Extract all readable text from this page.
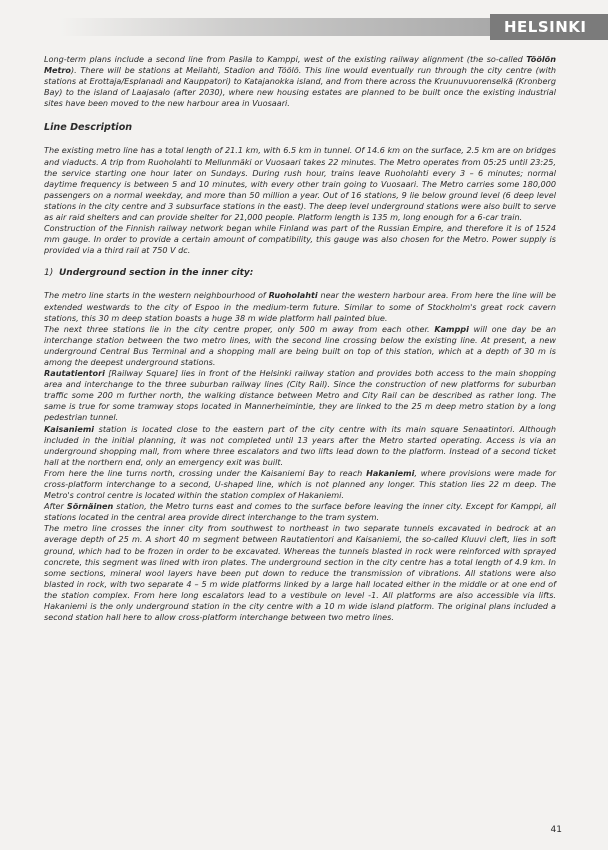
HELSINKI

Long-term plans include a second line from Pasila to Kamppi, west of the existing railway alignment (the so-called Töölön Metro). There will be stations at Meilahti, Stadion and Töölö. This line would eventually run through the city centre (with stations at Erottaja/Esplanadi and Kauppatori) to Katajanokka island, and from there across the Kruunuvuorenselkä (Kronberg Bay) to the island of Laajasalo (after 2030), where new housing estates are planned to be built once the existing industrial sites have been moved to the new harbour area in Vuosaari.

Line Description

The existing metro line has a total length of 21.1 km, with 6.5 km in tunnel. Of 14.6 km on the surface, 2.5 km are on bridges and viaducts. A trip from Ruoholahti to Mellunmäki or Vuosaari takes 22 minutes. The Metro operates from 05:25 until 23:25, the service starting one hour later on Sundays. During rush hour, trains leave Ruoholahti every 3 – 6 minutes; normal daytime frequency is between 5 and 10 minutes, with every other train going to Vuosaari. The Metro carries some 180,000 passengers on a normal weekday, and more than 50 million a year. Out of 16 stations, 9 lie below ground level (6 deep level stations in the city centre and 3 subsurface stations in the east). The deep level underground stations were also built to serve as air raid shelters and can provide shelter for 21,000 people. Platform length is 135 m, long enough for a 6-car train.

Construction of the Finnish railway network began while Finland was part of the Russian Empire, and therefore it is of 1524 mm gauge. In order to provide a certain amount of compatibility, this gauge was also chosen for the Metro. Power supply is provided via a third rail at 750 V dc.

1) Underground section in the inner city:

The metro line starts in the western neighbourhood of Ruoholahti near the western harbour area. From here the line will be extended westwards to the city of Espoo in the medium-term future. Similar to some of Stockholm's great rock cavern stations, this 30 m deep station boasts a huge 38 m wide platform hall painted blue.

The next three stations lie in the city centre proper, only 500 m away from each other. Kamppi will one day be an interchange station between the two metro lines, with the second line crossing below the existing line. At present, a new underground Central Bus Terminal and a shopping mall are being built on top of this station, which at a depth of 30 m is among the deepest underground stations.

Rautatientori [Railway Square] lies in front of the Helsinki railway station and provides both access to the main shopping area and interchange to the three suburban railway lines (City Rail). Since the construction of new platforms for suburban traffic some 200 m further north, the walking distance between Metro and City Rail can be described as rather long. The same is true for some tramway stops located in Mannerheimintie, they are linked to the 25 m deep metro station by a long pedestrian tunnel.

Kaisaniemi station is located close to the eastern part of the city centre with its main square Senaatintori. Although included in the initial planning, it was not completed until 13 years after the Metro started operating. Access is via an underground shopping mall, from where three escalators and two lifts lead down to the platform. Instead of a second ticket hall at the northern end, only an emergency exit was built.

From here the line turns north, crossing under the Kaisaniemi Bay to reach Hakaniemi, where provisions were made for cross-platform interchange to a second, U-shaped line, which is not planned any longer. This station lies 22 m deep. The Metro's control centre is located within the station complex of Hakaniemi.

After Sörnäinen station, the Metro turns east and comes to the surface before leaving the inner city. Except for Kamppi, all stations located in the central area provide direct interchange to the tram system.

The metro line crosses the inner city from southwest to northeast in two separate tunnels excavated in bedrock at an average depth of 25 m. A short 40 m segment between Rautatientori and Kaisaniemi, the so-called Kluuvi cleft, lies in soft ground, which had to be frozen in order to be excavated. Whereas the tunnels blasted in rock were reinforced with sprayed concrete, this segment was lined with iron plates. The underground section in the city centre has a total length of 4.9 km. In some sections, mineral wool layers have been put down to reduce the transmission of vibrations. All stations were also blasted in rock, with two separate 4 – 5 m wide platforms linked by a large hall located either in the middle or at one end of the station complex. From here long escalators lead to a vestibule on level -1. All platforms are also accessible via lifts. Hakaniemi is the only underground station in the city centre with a 10 m wide island platform. The original plans included a second station hall here to allow cross-platform interchange between two metro lines.

41
